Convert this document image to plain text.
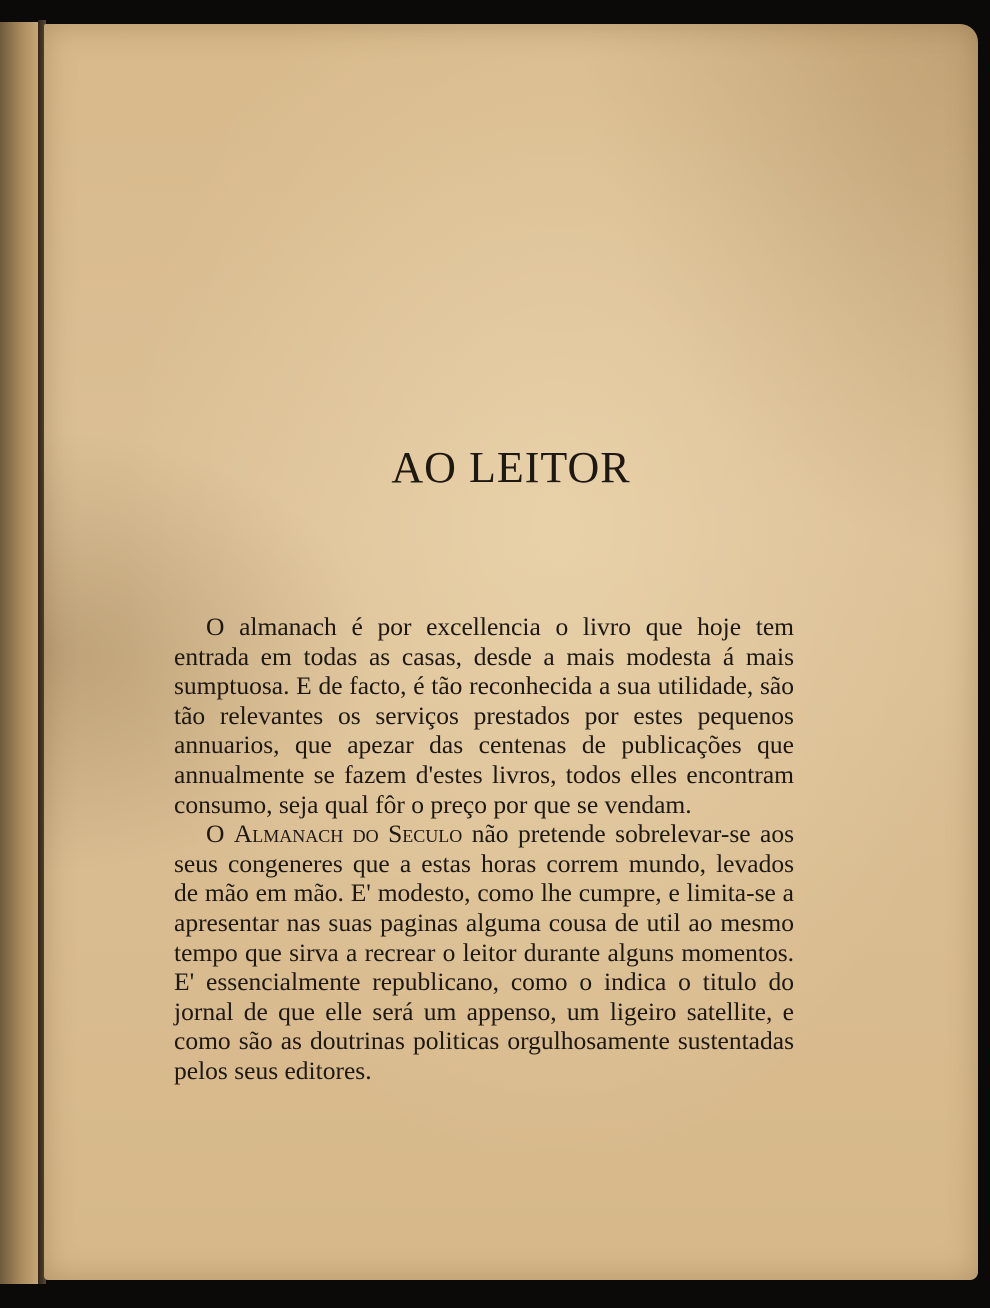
AO LEITOR

O almanach é por excellencia o livro que hoje tem entrada em todas as casas, desde a mais modesta á mais sumptuosa. E de facto, é tão reconhecida a sua utilidade, são tão relevantes os serviços prestados por estes pequenos annuarios, que apezar das centenas de publicações que annualmente se fazem d'estes livros, todos elles encontram consumo, seja qual fôr o preço por que se vendam.

O Almanach do Seculo não pretende sobrelevar-se aos seus congeneres que a estas horas correm mundo, levados de mão em mão. E' modesto, como lhe cumpre, e limita-se a apresentar nas suas paginas alguma cousa de util ao mesmo tempo que sirva a recrear o leitor durante alguns momentos. E' essencialmente republicano, como o indica o titulo do jornal de que elle será um appenso, um ligeiro satellite, e como são as doutrinas politicas orgulhosamente sustentadas pelos seus editores.
